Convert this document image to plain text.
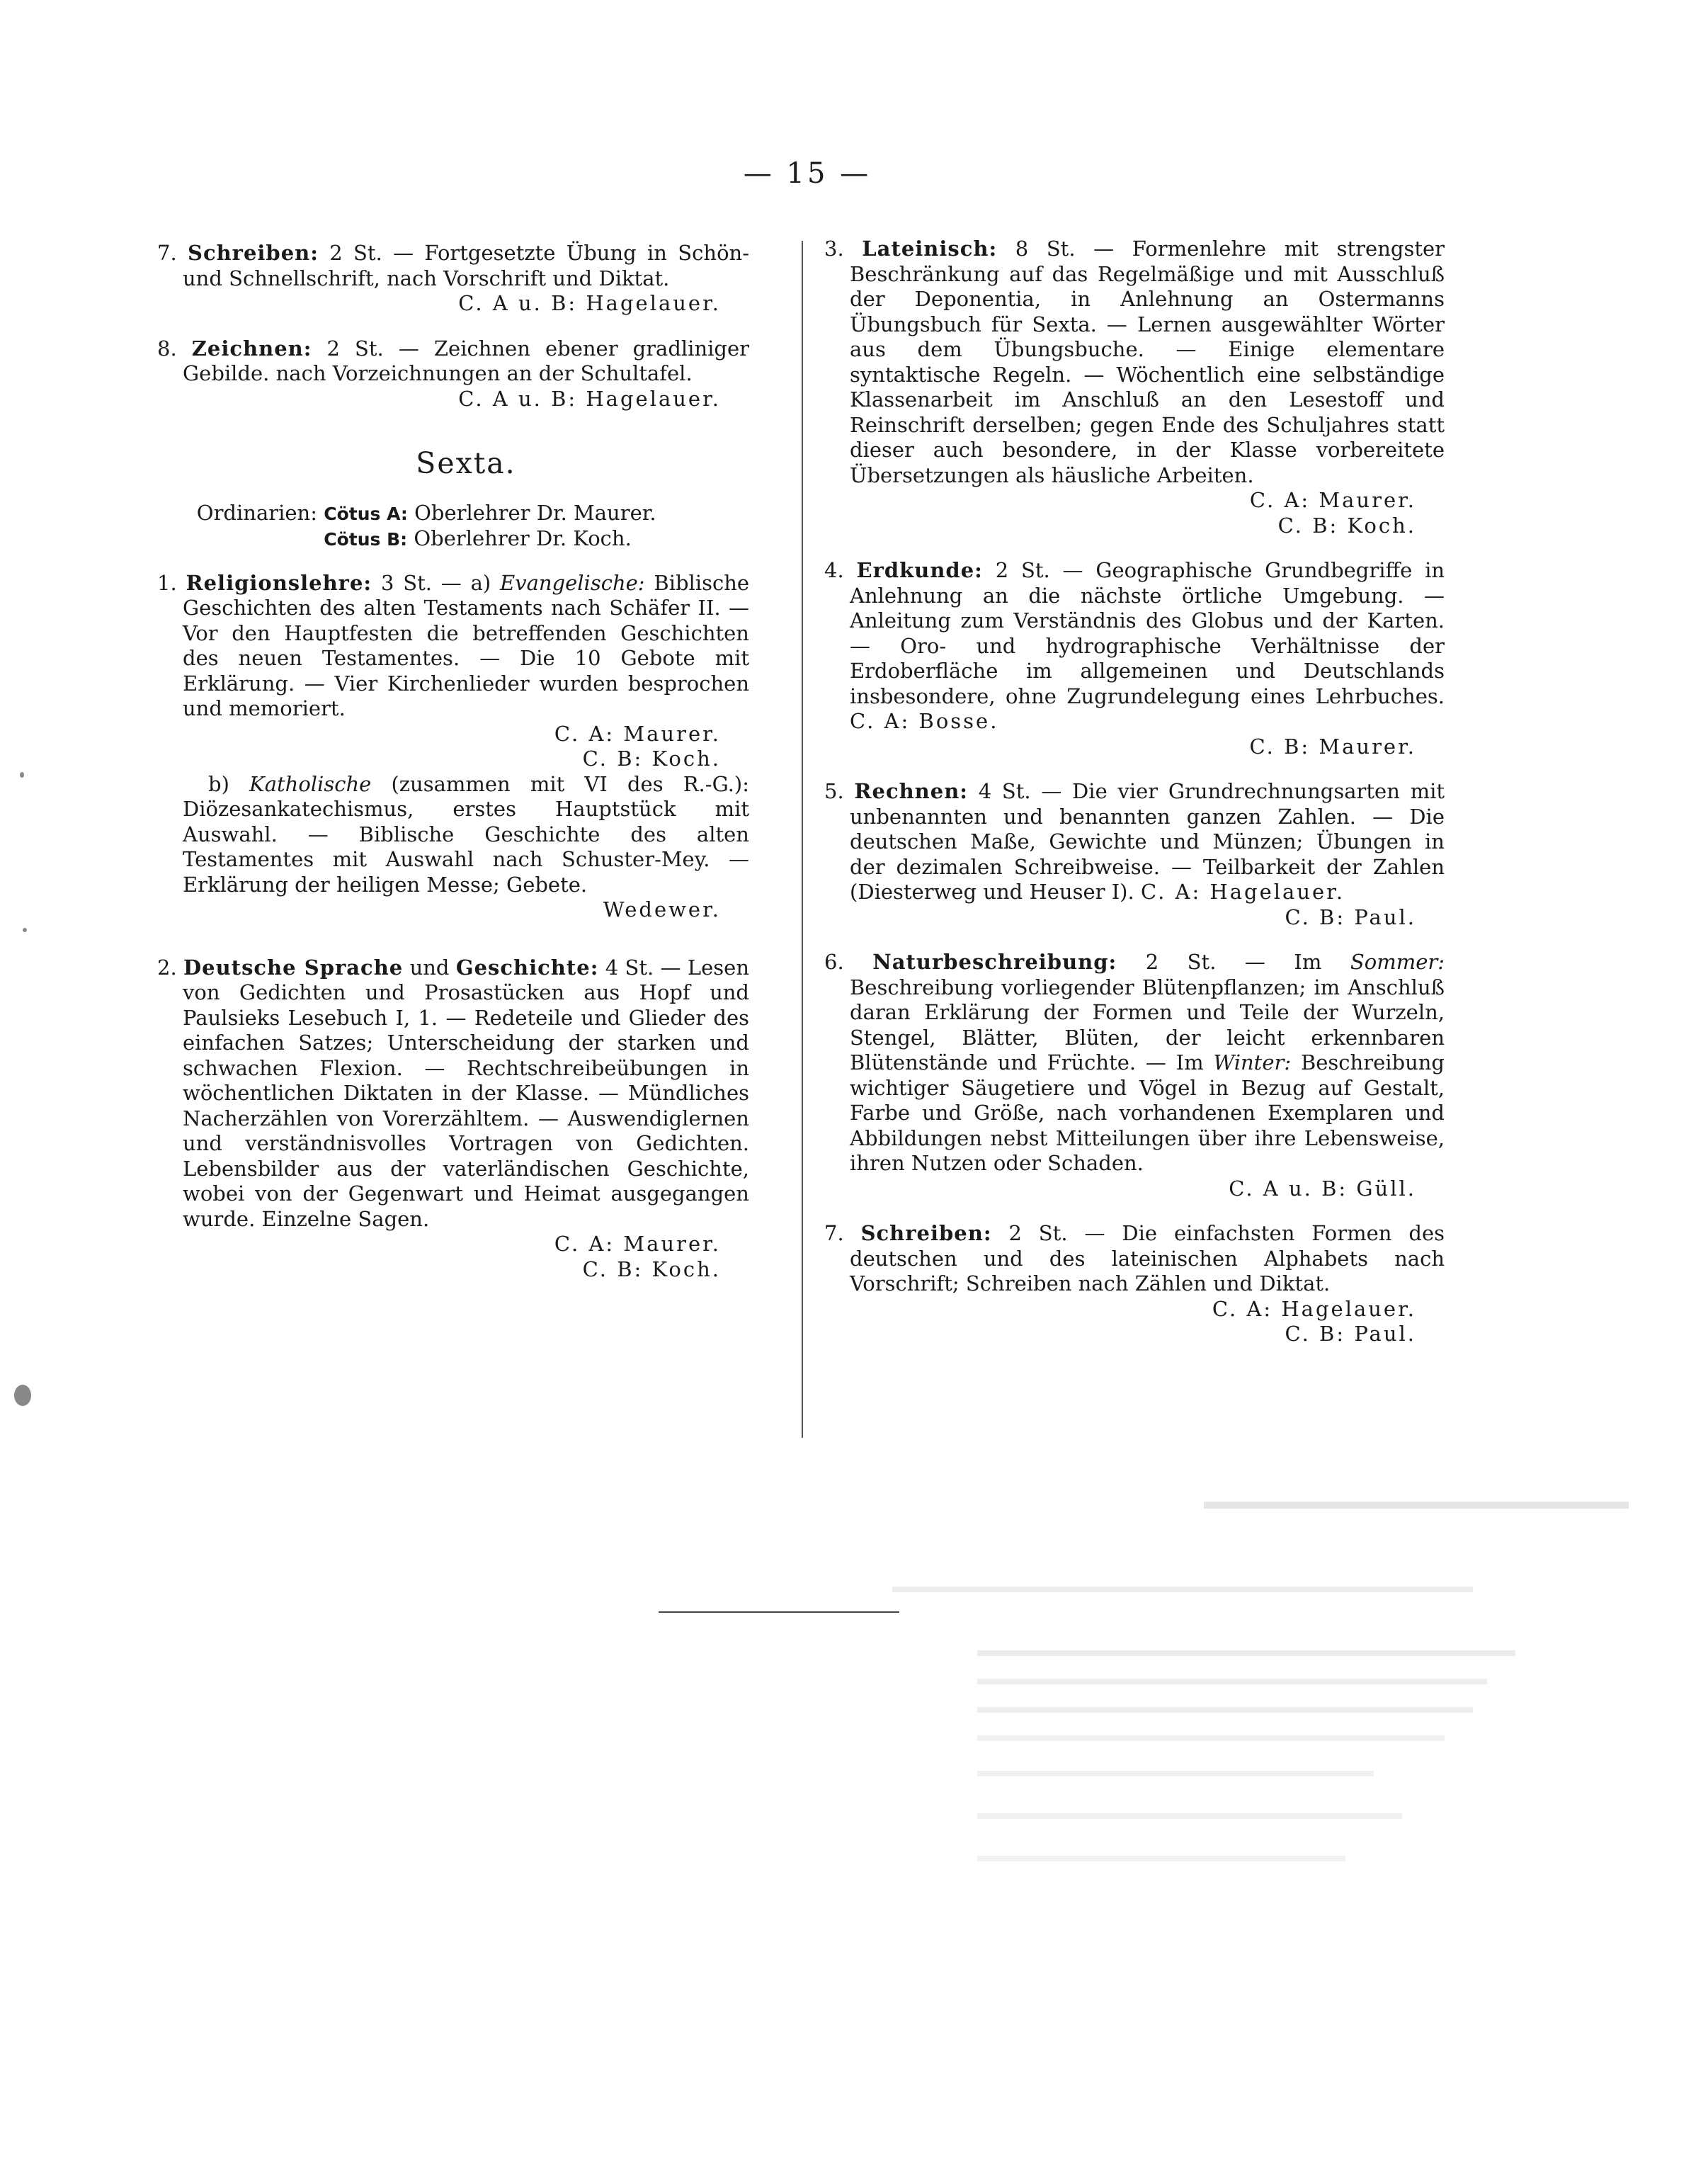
— 15 —

7. Schreiben: 2 St. — Fortgesetzte Übung in Schön- und Schnellschrift, nach Vorschrift und Diktat.

C. A u. B: Hagelauer.

8. Zeichnen: 2 St. — Zeichnen ebener gradliniger Gebilde. nach Vorzeichnungen an der Schultafel.

C. A u. B: Hagelauer.

Sexta.

Ordinarien: Cötus A: Oberlehrer Dr. Maurer.

Cötus B: Oberlehrer Dr. Koch.

1. Religionslehre: 3 St. — a) Evangelische: Biblische Geschichten des alten Testaments nach Schäfer II. — Vor den Hauptfesten die betreffenden Geschichten des neuen Testamentes. — Die 10 Gebote mit Erklärung. — Vier Kirchenlieder wurden besprochen und memoriert.

C. A: Maurer.

C. B: Koch.

b) Katholische (zusammen mit VI des R.-G.): Diözesankatechismus, erstes Hauptstück mit Auswahl. — Biblische Geschichte des alten Testamentes mit Auswahl nach Schuster-Mey. — Erklärung der heiligen Messe; Gebete.

Wedewer.

2. Deutsche Sprache und Geschichte: 4 St. — Lesen von Gedichten und Prosastücken aus Hopf und Paulsieks Lesebuch I, 1. — Redeteile und Glieder des einfachen Satzes; Unterscheidung der starken und schwachen Flexion. — Rechtschreibeübungen in wöchentlichen Diktaten in der Klasse. — Mündliches Nacherzählen von Vorerzähltem. — Auswendiglernen und verständnisvolles Vortragen von Gedichten. Lebensbilder aus der vaterländischen Geschichte, wobei von der Gegenwart und Heimat ausgegangen wurde. Einzelne Sagen.

C. A: Maurer.

C. B: Koch.

3. Lateinisch: 8 St. — Formenlehre mit strengster Beschränkung auf das Regelmäßige und mit Ausschluß der Deponentia, in Anlehnung an Ostermanns Übungsbuch für Sexta. — Lernen ausgewählter Wörter aus dem Übungsbuche. — Einige elementare syntaktische Regeln. — Wöchentlich eine selbständige Klassenarbeit im Anschluß an den Lesestoff und Reinschrift derselben; gegen Ende des Schuljahres statt dieser auch besondere, in der Klasse vorbereitete Übersetzungen als häusliche Arbeiten.

C. A: Maurer.

C. B: Koch.

4. Erdkunde: 2 St. — Geographische Grundbegriffe in Anlehnung an die nächste örtliche Umgebung. — Anleitung zum Verständnis des Globus und der Karten. — Oro- und hydrographische Verhältnisse der Erdoberfläche im allgemeinen und Deutschlands insbesondere, ohne Zugrundelegung eines Lehrbuches. C. A: Bosse.

C. B: Maurer.

5. Rechnen: 4 St. — Die vier Grundrechnungsarten mit unbenannten und benannten ganzen Zahlen. — Die deutschen Maße, Gewichte und Münzen; Übungen in der dezimalen Schreibweise. — Teilbarkeit der Zahlen (Diesterweg und Heuser I). C. A: Hagelauer.

C. B: Paul.

6. Naturbeschreibung: 2 St. — Im Sommer: Beschreibung vorliegender Blütenpflanzen; im Anschluß daran Erklärung der Formen und Teile der Wurzeln, Stengel, Blätter, Blüten, der leicht erkennbaren Blütenstände und Früchte. — Im Winter: Beschreibung wichtiger Säugetiere und Vögel in Bezug auf Gestalt, Farbe und Größe, nach vorhandenen Exemplaren und Abbildungen nebst Mitteilungen über ihre Lebensweise, ihren Nutzen oder Schaden.

C. A u. B: Güll.

7. Schreiben: 2 St. — Die einfachsten Formen des deutschen und des lateinischen Alphabets nach Vorschrift; Schreiben nach Zählen und Diktat.

C. A: Hagelauer.

C. B: Paul.
